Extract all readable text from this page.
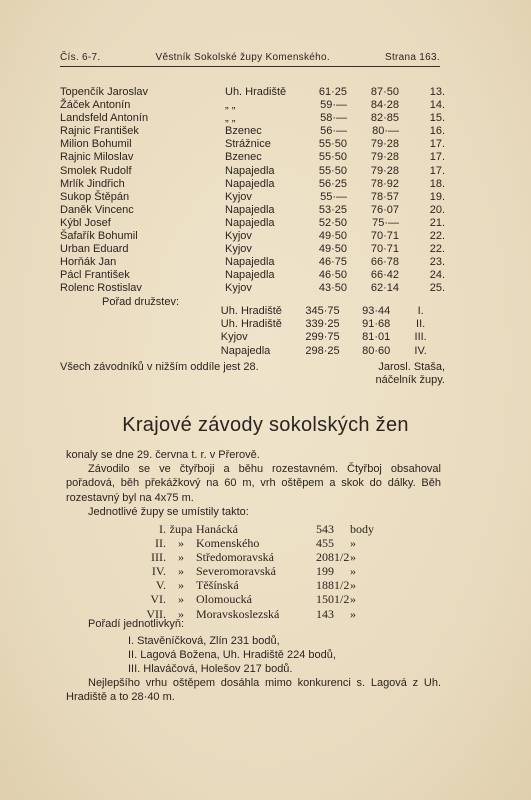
Čís. 6-7.	Věstník Sokolské župy Komenského.	Strana 163.
Topenčík Jaroslav	Uh. Hradiště	61·25	87·50	13.
Žáček Antonín	„ „	59·—	84·28	14.
Landsfeld Antonín	„ „	58·—	82·85	15.
Rajnic František	Bzenec	56·—	80·—	16.
Milion Bohumil	Strážnice	55·50	79·28	17.
Rajnic Miloslav	Bzenec	55·50	79·28	17.
Smolek Rudolf	Napajedla	55·50	79·28	17.
Mrlík Jindřich	Napajedla	56·25	78·92	18.
Sukop Štěpán	Kyjov	55·—	78·57	19.
Daněk Vincenc	Napajedla	53·25	76·07	20.
Kýbl Josef	Napajedla	52·50	75·—	21.
Šafařík Bohumil	Kyjov	49·50	70·71	22.
Urban Eduard	Kyjov	49·50	70·71	22.
Horňák Jan	Napajedla	46·75	66·78	23.
Pácl František	Napajedla	46·50	66·42	24.
Rolenc Rostislav	Kyjov	43·50	62·14	25.
Pořad družstev:
Uh. Hradiště	345·75	93·44	I.
Uh. Hradiště	339·25	91·68	II.
Kyjov	299·75	81·01	III.
Napajedla	298·25	80·60	IV.
Všech závodníků v nižším oddíle jest 28.	Jarosl. Staša,
náčelník župy.
Krajové závody sokolských žen

konaly se dne 29. června t. r. v Přerově.

Závodilo se ve čtyřboji a běhu rozestavném. Čtyřboj obsahoval pořadová, běh překážkový na 60 m, vrh oštěpem a skok do dálky. Běh rozestavný byl na 4x75 m.

Jednotlivé župy se umístily takto:

I. župa Hanácká	543	body
II.	»	Komenského	455	»
III.	»	Středomoravská	2081/2 »
IV.	»	Severomoravská	199	»
V.	»	Těšínská	1881/2 »
VI.	»	Olomoucká	1501/2 »
VII.	»	Moravskoslezská	143	»
Pořadí jednotlivkyň:
I. Stavěníčková, Zlín 231 bodů,
II. Lagová Božena, Uh. Hradiště 224 bodů,
III. Hlaváčová, Holešov 217 bodů.
Nejlepšího vrhu oštěpem dosáhla mimo konkurenci s. Lagová z Uh. Hradiště a to 28·40 m.
